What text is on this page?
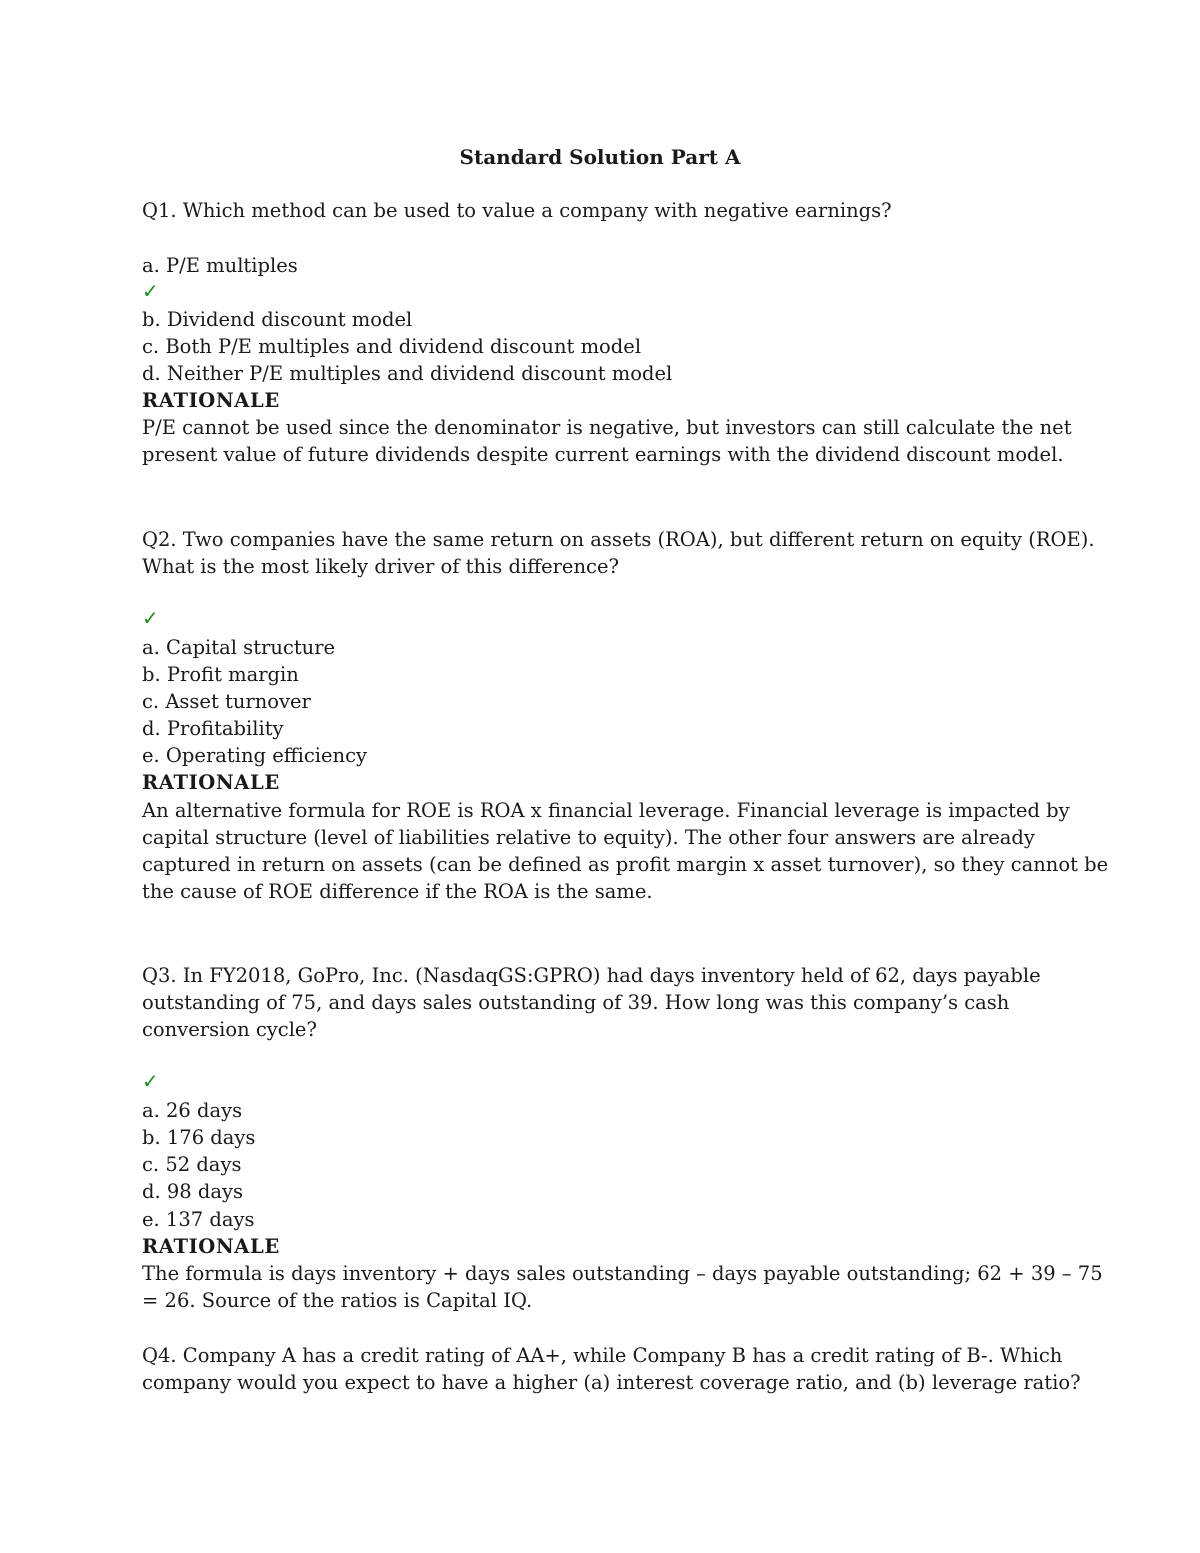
Standard Solution Part A
Q1. Which method can be used to value a company with negative earnings?
a. P/E multiples
✓
b. Dividend discount model
c. Both P/E multiples and dividend discount model
d. Neither P/E multiples and dividend discount model
RATIONALE
P/E cannot be used since the denominator is negative, but investors can still calculate the net
present value of future dividends despite current earnings with the dividend discount model.
Q2. Two companies have the same return on assets (ROA), but different return on equity (ROE).
What is the most likely driver of this difference?
✓
a. Capital structure
b. Profit margin
c. Asset turnover
d. Profitability
e. Operating efficiency
RATIONALE
An alternative formula for ROE is ROA x financial leverage. Financial leverage is impacted by
capital structure (level of liabilities relative to equity). The other four answers are already
captured in return on assets (can be defined as profit margin x asset turnover), so they cannot be
the cause of ROE difference if the ROA is the same.
Q3. In FY2018, GoPro, Inc. (NasdaqGS:GPRO) had days inventory held of 62, days payable
outstanding of 75, and days sales outstanding of 39. How long was this company’s cash
conversion cycle?
✓
a. 26 days
b. 176 days
c. 52 days
d. 98 days
e. 137 days
RATIONALE
The formula is days inventory + days sales outstanding – days payable outstanding; 62 + 39 – 75
= 26. Source of the ratios is Capital IQ.
Q4. Company A has a credit rating of AA+, while Company B has a credit rating of B-. Which
company would you expect to have a higher (a) interest coverage ratio, and (b) leverage ratio?
